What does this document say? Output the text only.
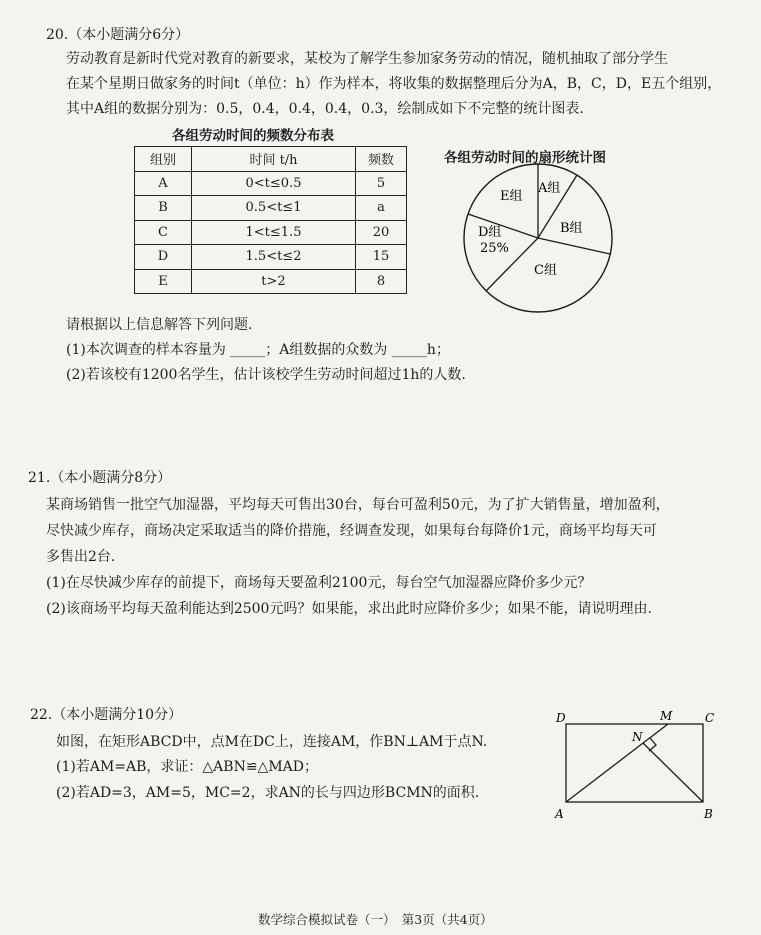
20.（本小题满分6分）
劳动教育是新时代党对教育的新要求，某校为了解学生参加家务劳动的情况，随机抽取了部分学生
在某个星期日做家务的时间t（单位：h）作为样本，将收集的数据整理后分为A，B，C，D，E五个组别，
其中A组的数据分别为：0.5，0.4，0.4，0.4，0.3，绘制成如下不完整的统计图表.
各组劳动时间的频数分布表
组别	时间 t/h	频数
A	0<t≤0.5	5
B	0.5<t≤1	a
C	1<t≤1.5	20
D	1.5<t≤2	15
E	t>2	8
各组劳动时间的扇形统计图
A组
E组
B组
D组
25%
C组
请根据以上信息解答下列问题.
(1)本次调查的样本容量为 _____；A组数据的众数为 _____h；
(2)若该校有1200名学生，估计该校学生劳动时间超过1h的人数.
21.（本小题满分8分）
某商场销售一批空气加湿器，平均每天可售出30台，每台可盈利50元，为了扩大销售量，增加盈利，
尽快减少库存，商场决定采取适当的降价措施，经调查发现，如果每台每降价1元，商场平均每天可
多售出2台.
(1)在尽快减少库存的前提下，商场每天要盈利2100元，每台空气加湿器应降价多少元？
(2)该商场平均每天盈利能达到2500元吗？如果能，求出此时应降价多少；如果不能，请说明理由.
22.（本小题满分10分）
如图，在矩形ABCD中，点M在DC上，连接AM，作BN⊥AM于点N.
(1)若AM=AB，求证：△ABN≌△MAD；
(2)若AD=3，AM=5，MC=2，求AN的长与四边形BCMN的面积.
D	M	C
N
A	B
数学综合模拟试卷（一）　第3页（共4页）
